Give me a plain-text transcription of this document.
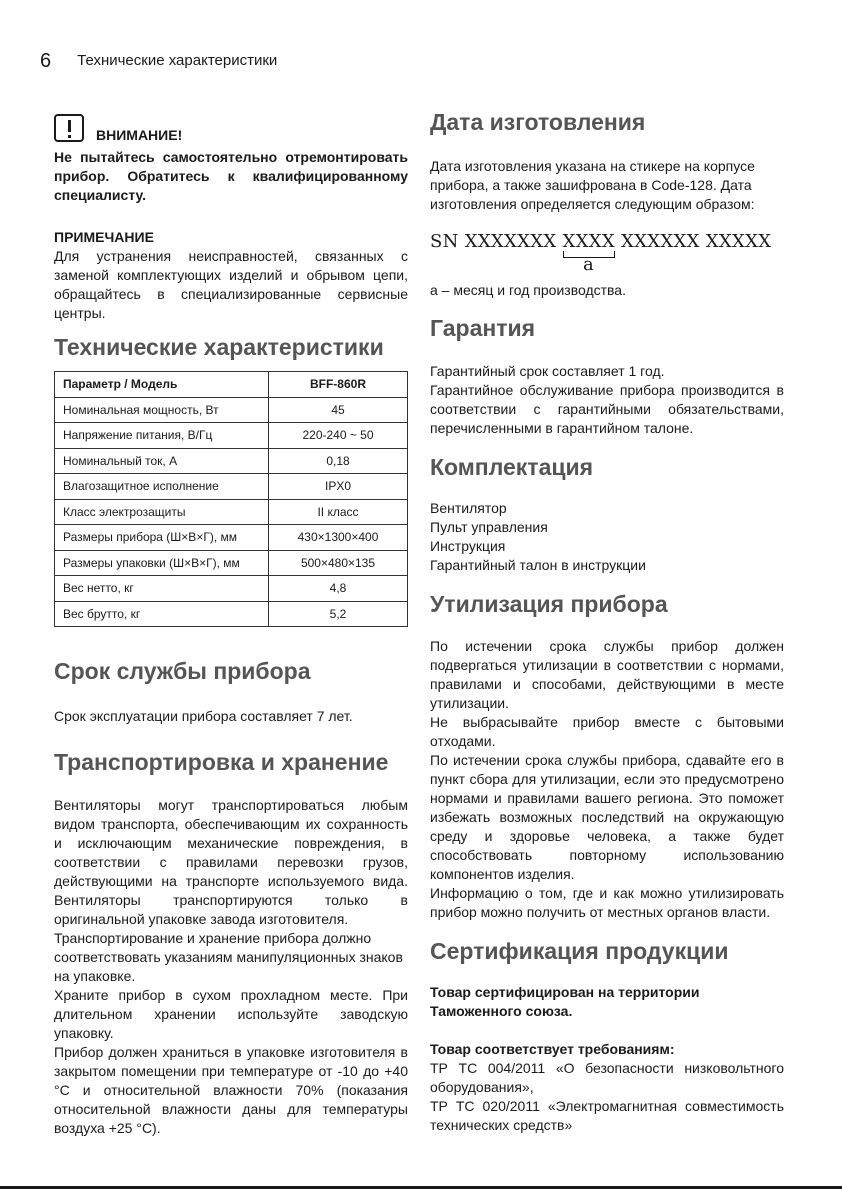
6 Технические характеристики
ВНИМАНИЕ!

Не пытайтесь самостоятельно отремонтировать прибор. Обратитесь к квалифицированному специалисту.

ПРИМЕЧАНИЕ

Для устранения неисправностей, связанных с заменой комплектующих изделий и обрывом цепи, обращайтесь в специализированные сервисные центры.

Технические характеристики
Параметр / Модель	BFF-860R
Номинальная мощность, Вт	45
Напряжение питания, В/Гц	220-240 ~ 50
Номинальный ток, А	0,18
Влагозащитное исполнение	IPX0
Класс электрозащиты	II класс
Размеры прибора (Ш×В×Г), мм	430×1300×400
Размеры упаковки (Ш×В×Г), мм	500×480×135
Вес нетто, кг	4,8
Вес брутто, кг	5,2
Срок службы прибора

Срок эксплуатации прибора составляет 7 лет.

Транспортировка и хранение

Вентиляторы могут транспортироваться любым видом транспорта, обеспечивающим их сохранность и исключающим механические повреждения, в соответствии с правилами перевозки грузов, действующими на транспорте используемого вида. Вентиляторы транспортируются только в оригинальной упаковке завода изготовителя.

Транспортирование и хранение прибора должно соответствовать указаниям манипуляционных знаков на упаковке.

Храните прибор в сухом прохладном месте. При длительном хранении используйте заводскую упаковку.

Прибор должен храниться в упаковке изготовителя в закрытом помещении при температуре от -10 до +40 °С и относительной влажности 70% (показания относительной влажности даны для температуры воздуха +25 °С).

Дата изготовления

Дата изготовления указана на стикере на корпусе прибора, а также зашифрована в Code-128. Дата изготовления определяется следующим образом:

SN XXXXXXX XXXX XXXXXX XXXXX
a

а – месяц и год производства.

Гарантия
Гарантийный срок составляет 1 год.
Гарантийное обслуживание прибора производится в соответствии с гарантийными обязательствами, перечисленными в гарантийном талоне.
Комплектация
Вентилятор
Пульт управления
Инструкция
Гарантийный талон в инструкции
Утилизация прибора

По истечении срока службы прибор должен подвергаться утилизации в соответствии с нормами, правилами и способами, действующими в месте утилизации.

Не выбрасывайте прибор вместе с бытовыми отходами.

По истечении срока службы прибора, сдавайте его в пункт сбора для утилизации, если это предусмотрено нормами и правилами вашего региона. Это поможет избежать возможных последствий на окружающую среду и здоровье человека, а также будет способствовать повторному использованию компонентов изделия.

Информацию о том, где и как можно утилизировать прибор можно получить от местных органов власти.

Сертификация продукции

Товар сертифицирован на территории Таможенного союза.

Товар соответствует требованиям:

ТР ТС 004/2011 «О безопасности низковольтного оборудования»,
ТР ТС 020/2011 «Электромагнитная совместимость технических средств»
